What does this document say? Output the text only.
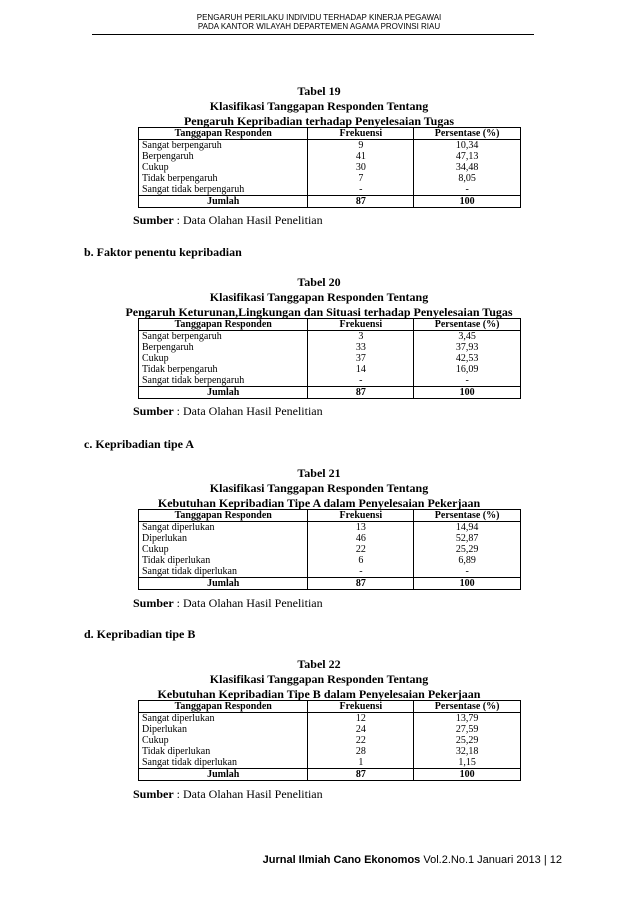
PENGARUH PERILAKU INDIVIDU TERHADAP KINERJA PEGAWAI
PADA KANTOR WILAYAH DEPARTEMEN AGAMA PROVINSI RIAU
Tabel 19
Klasifikasi Tanggapan Responden Tentang
Pengaruh Kepribadian terhadap Penyelesaian Tugas
Tanggapan Responden	Frekuensi	Persentase (%)
Sangat berpengaruh	9	10,34
Berpengaruh	41	47,13
Cukup	30	34,48
Tidak berpengaruh	7	8,05
Sangat tidak berpengaruh	-	-
Jumlah	87	100
Sumber : Data Olahan Hasil Penelitian
b. Faktor penentu kepribadian
Tabel 20
Klasifikasi Tanggapan Responden Tentang
Pengaruh Keturunan,Lingkungan dan Situasi terhadap Penyelesaian Tugas
Tanggapan Responden	Frekuensi	Persentase (%)
Sangat berpengaruh	3	3,45
Berpengaruh	33	37,93
Cukup	37	42,53
Tidak berpengaruh	14	16,09
Sangat tidak berpengaruh	-	-
Jumlah	87	100
Sumber : Data Olahan Hasil Penelitian
c. Kepribadian tipe A
Tabel 21
Klasifikasi Tanggapan Responden Tentang
Kebutuhan Kepribadian Tipe A dalam Penyelesaian Pekerjaan
Tanggapan Responden	Frekuensi	Persentase (%)
Sangat diperlukan	13	14,94
Diperlukan	46	52,87
Cukup	22	25,29
Tidak diperlukan	6	6,89
Sangat tidak diperlukan	-	-
Jumlah	87	100
Sumber : Data Olahan Hasil Penelitian
d. Kepribadian tipe B
Tabel 22
Klasifikasi Tanggapan Responden Tentang
Kebutuhan Kepribadian Tipe B dalam Penyelesaian Pekerjaan
Tanggapan Responden	Frekuensi	Persentase (%)
Sangat diperlukan	12	13,79
Diperlukan	24	27,59
Cukup	22	25,29
Tidak diperlukan	28	32,18
Sangat tidak diperlukan	1	1,15
Jumlah	87	100
Sumber : Data Olahan Hasil Penelitian
Jurnal Ilmiah Cano Ekonomos Vol.2.No.1 Januari 2013 | 12
